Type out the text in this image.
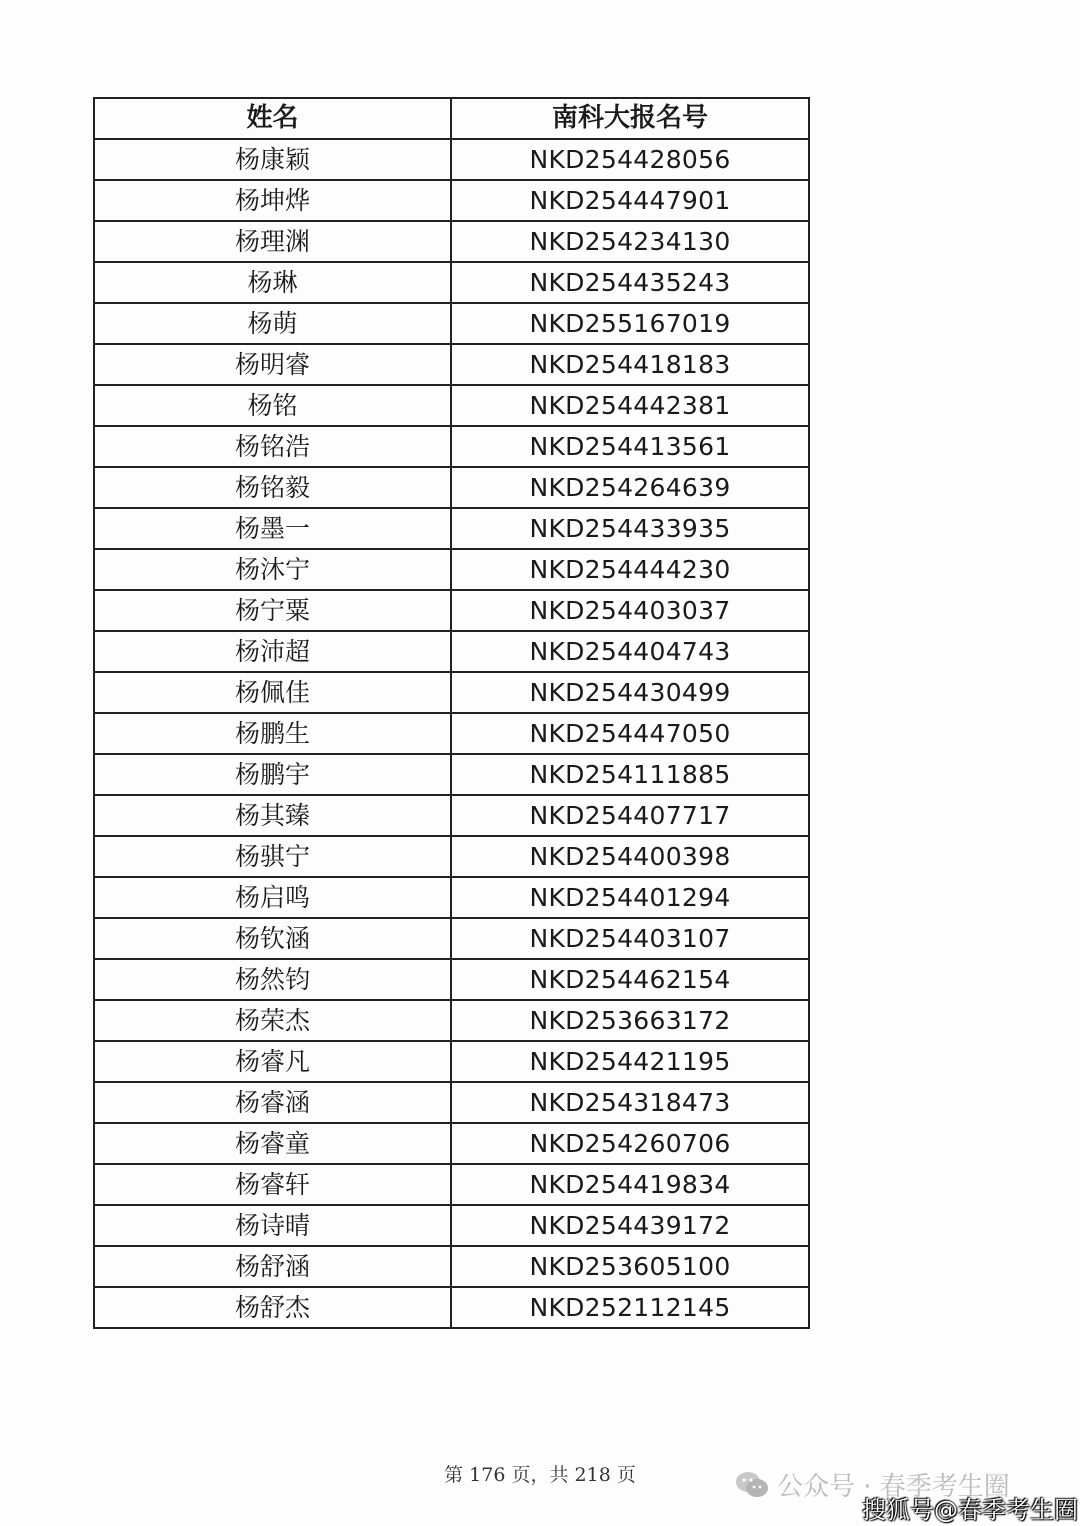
姓名	南科大报名号
杨康颖	NKD254428056
杨坤烨	NKD254447901
杨理渊	NKD254234130
杨琳	NKD254435243
杨萌	NKD255167019
杨明睿	NKD254418183
杨铭	NKD254442381
杨铭浩	NKD254413561
杨铭毅	NKD254264639
杨墨一	NKD254433935
杨沐宁	NKD254444230
杨宁粟	NKD254403037
杨沛超	NKD254404743
杨佩佳	NKD254430499
杨鹏生	NKD254447050
杨鹏宇	NKD254111885
杨其臻	NKD254407717
杨骐宁	NKD254400398
杨启鸣	NKD254401294
杨钦涵	NKD254403107
杨然钧	NKD254462154
杨荣杰	NKD253663172
杨睿凡	NKD254421195
杨睿涵	NKD254318473
杨睿童	NKD254260706
杨睿轩	NKD254419834
杨诗晴	NKD254439172
杨舒涵	NKD253605100
杨舒杰	NKD252112145
第 176 页，共 218 页	公众号 · 春季考生圈
搜狐号@春季考生圈
